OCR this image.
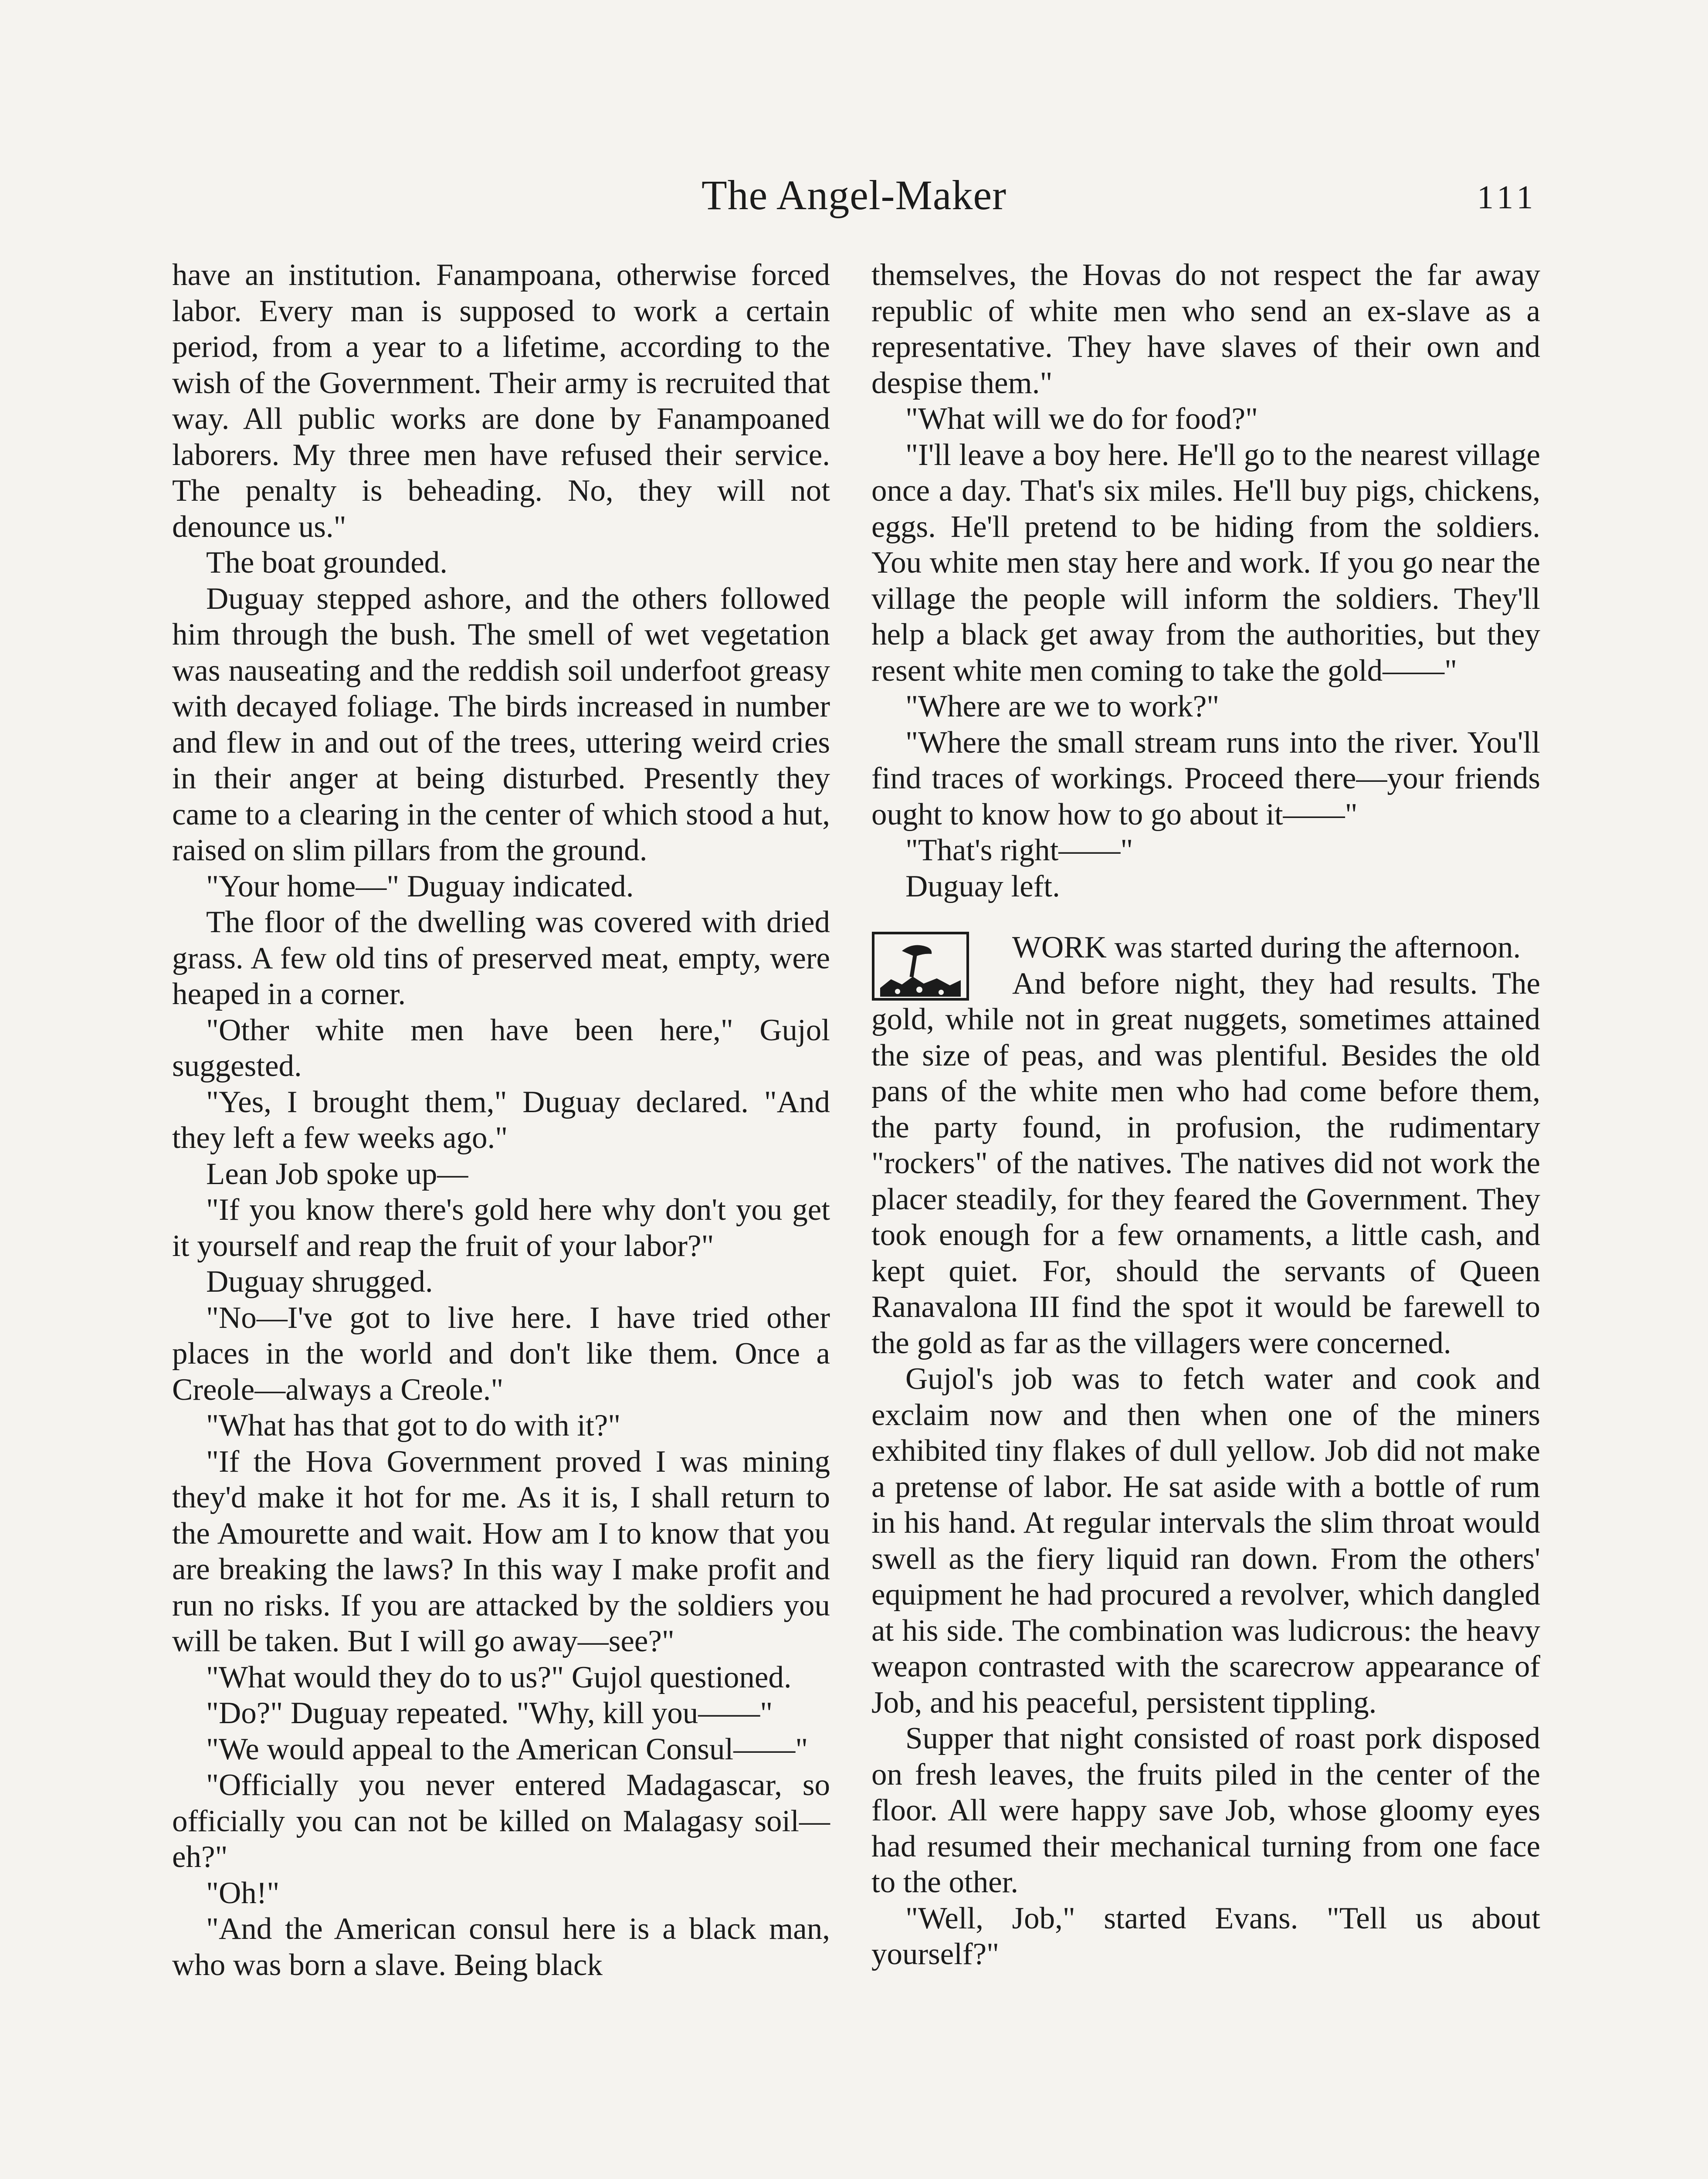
The Angel-Maker	111

have an institution. Fanampoana, otherwise forced labor. Every man is supposed to work a certain period, from a year to a lifetime, according to the wish of the Government. Their army is recruited that way. All public works are done by Fanampoaned laborers. My three men have refused their service. The penalty is beheading. No, they will not denounce us."

The boat grounded.

Duguay stepped ashore, and the others followed him through the bush. The smell of wet vegetation was nauseating and the reddish soil underfoot greasy with decayed foliage. The birds increased in number and flew in and out of the trees, uttering weird cries in their anger at being disturbed. Presently they came to a clearing in the center of which stood a hut, raised on slim pillars from the ground.

"Your home—" Duguay indicated.

The floor of the dwelling was covered with dried grass. A few old tins of preserved meat, empty, were heaped in a corner.

"Other white men have been here," Gujol suggested.

"Yes, I brought them," Duguay declared. "And they left a few weeks ago."

Lean Job spoke up—

"If you know there's gold here why don't you get it yourself and reap the fruit of your labor?"

Duguay shrugged.

"No—I've got to live here. I have tried other places in the world and don't like them. Once a Creole—always a Creole."

"What has that got to do with it?"

"If the Hova Government proved I was mining they'd make it hot for me. As it is, I shall return to the Amourette and wait. How am I to know that you are breaking the laws? In this way I make profit and run no risks. If you are attacked by the soldiers you will be taken. But I will go away—see?"

"What would they do to us?" Gujol questioned.

"Do?" Duguay repeated. "Why, kill you——"

"We would appeal to the American Consul——"

"Officially you never entered Madagascar, so officially you can not be killed on Malagasy soil—eh?"

"Oh!"

"And the American consul here is a black man, who was born a slave. Being black

themselves, the Hovas do not respect the far away republic of white men who send an ex-slave as a representative. They have slaves of their own and despise them."

"What will we do for food?"

"I'll leave a boy here. He'll go to the nearest village once a day. That's six miles. He'll buy pigs, chickens, eggs. He'll pretend to be hiding from the soldiers. You white men stay here and work. If you go near the village the people will inform the soldiers. They'll help a black get away from the authorities, but they resent white men coming to take the gold——"

"Where are we to work?"

"Where the small stream runs into the river. You'll find traces of workings. Proceed there—your friends ought to know how to go about it——"

"That's right——"

Duguay left.

WORK was started during the afternoon.

And before night, they had results. The gold, while not in great nuggets, sometimes attained the size of peas, and was plentiful. Besides the old pans of the white men who had come before them, the party found, in profusion, the rudimentary "rockers" of the natives. The natives did not work the placer steadily, for they feared the Government. They took enough for a few ornaments, a little cash, and kept quiet. For, should the servants of Queen Ranavalona III find the spot it would be farewell to the gold as far as the villagers were concerned.

Gujol's job was to fetch water and cook and exclaim now and then when one of the miners exhibited tiny flakes of dull yellow. Job did not make a pretense of labor. He sat aside with a bottle of rum in his hand. At regular intervals the slim throat would swell as the fiery liquid ran down. From the others' equipment he had procured a revolver, which dangled at his side. The combination was ludicrous: the heavy weapon contrasted with the scarecrow appearance of Job, and his peaceful, persistent tippling.

Supper that night consisted of roast pork disposed on fresh leaves, the fruits piled in the center of the floor. All were happy save Job, whose gloomy eyes had resumed their mechanical turning from one face to the other.

"Well, Job," started Evans. "Tell us about yourself?"
